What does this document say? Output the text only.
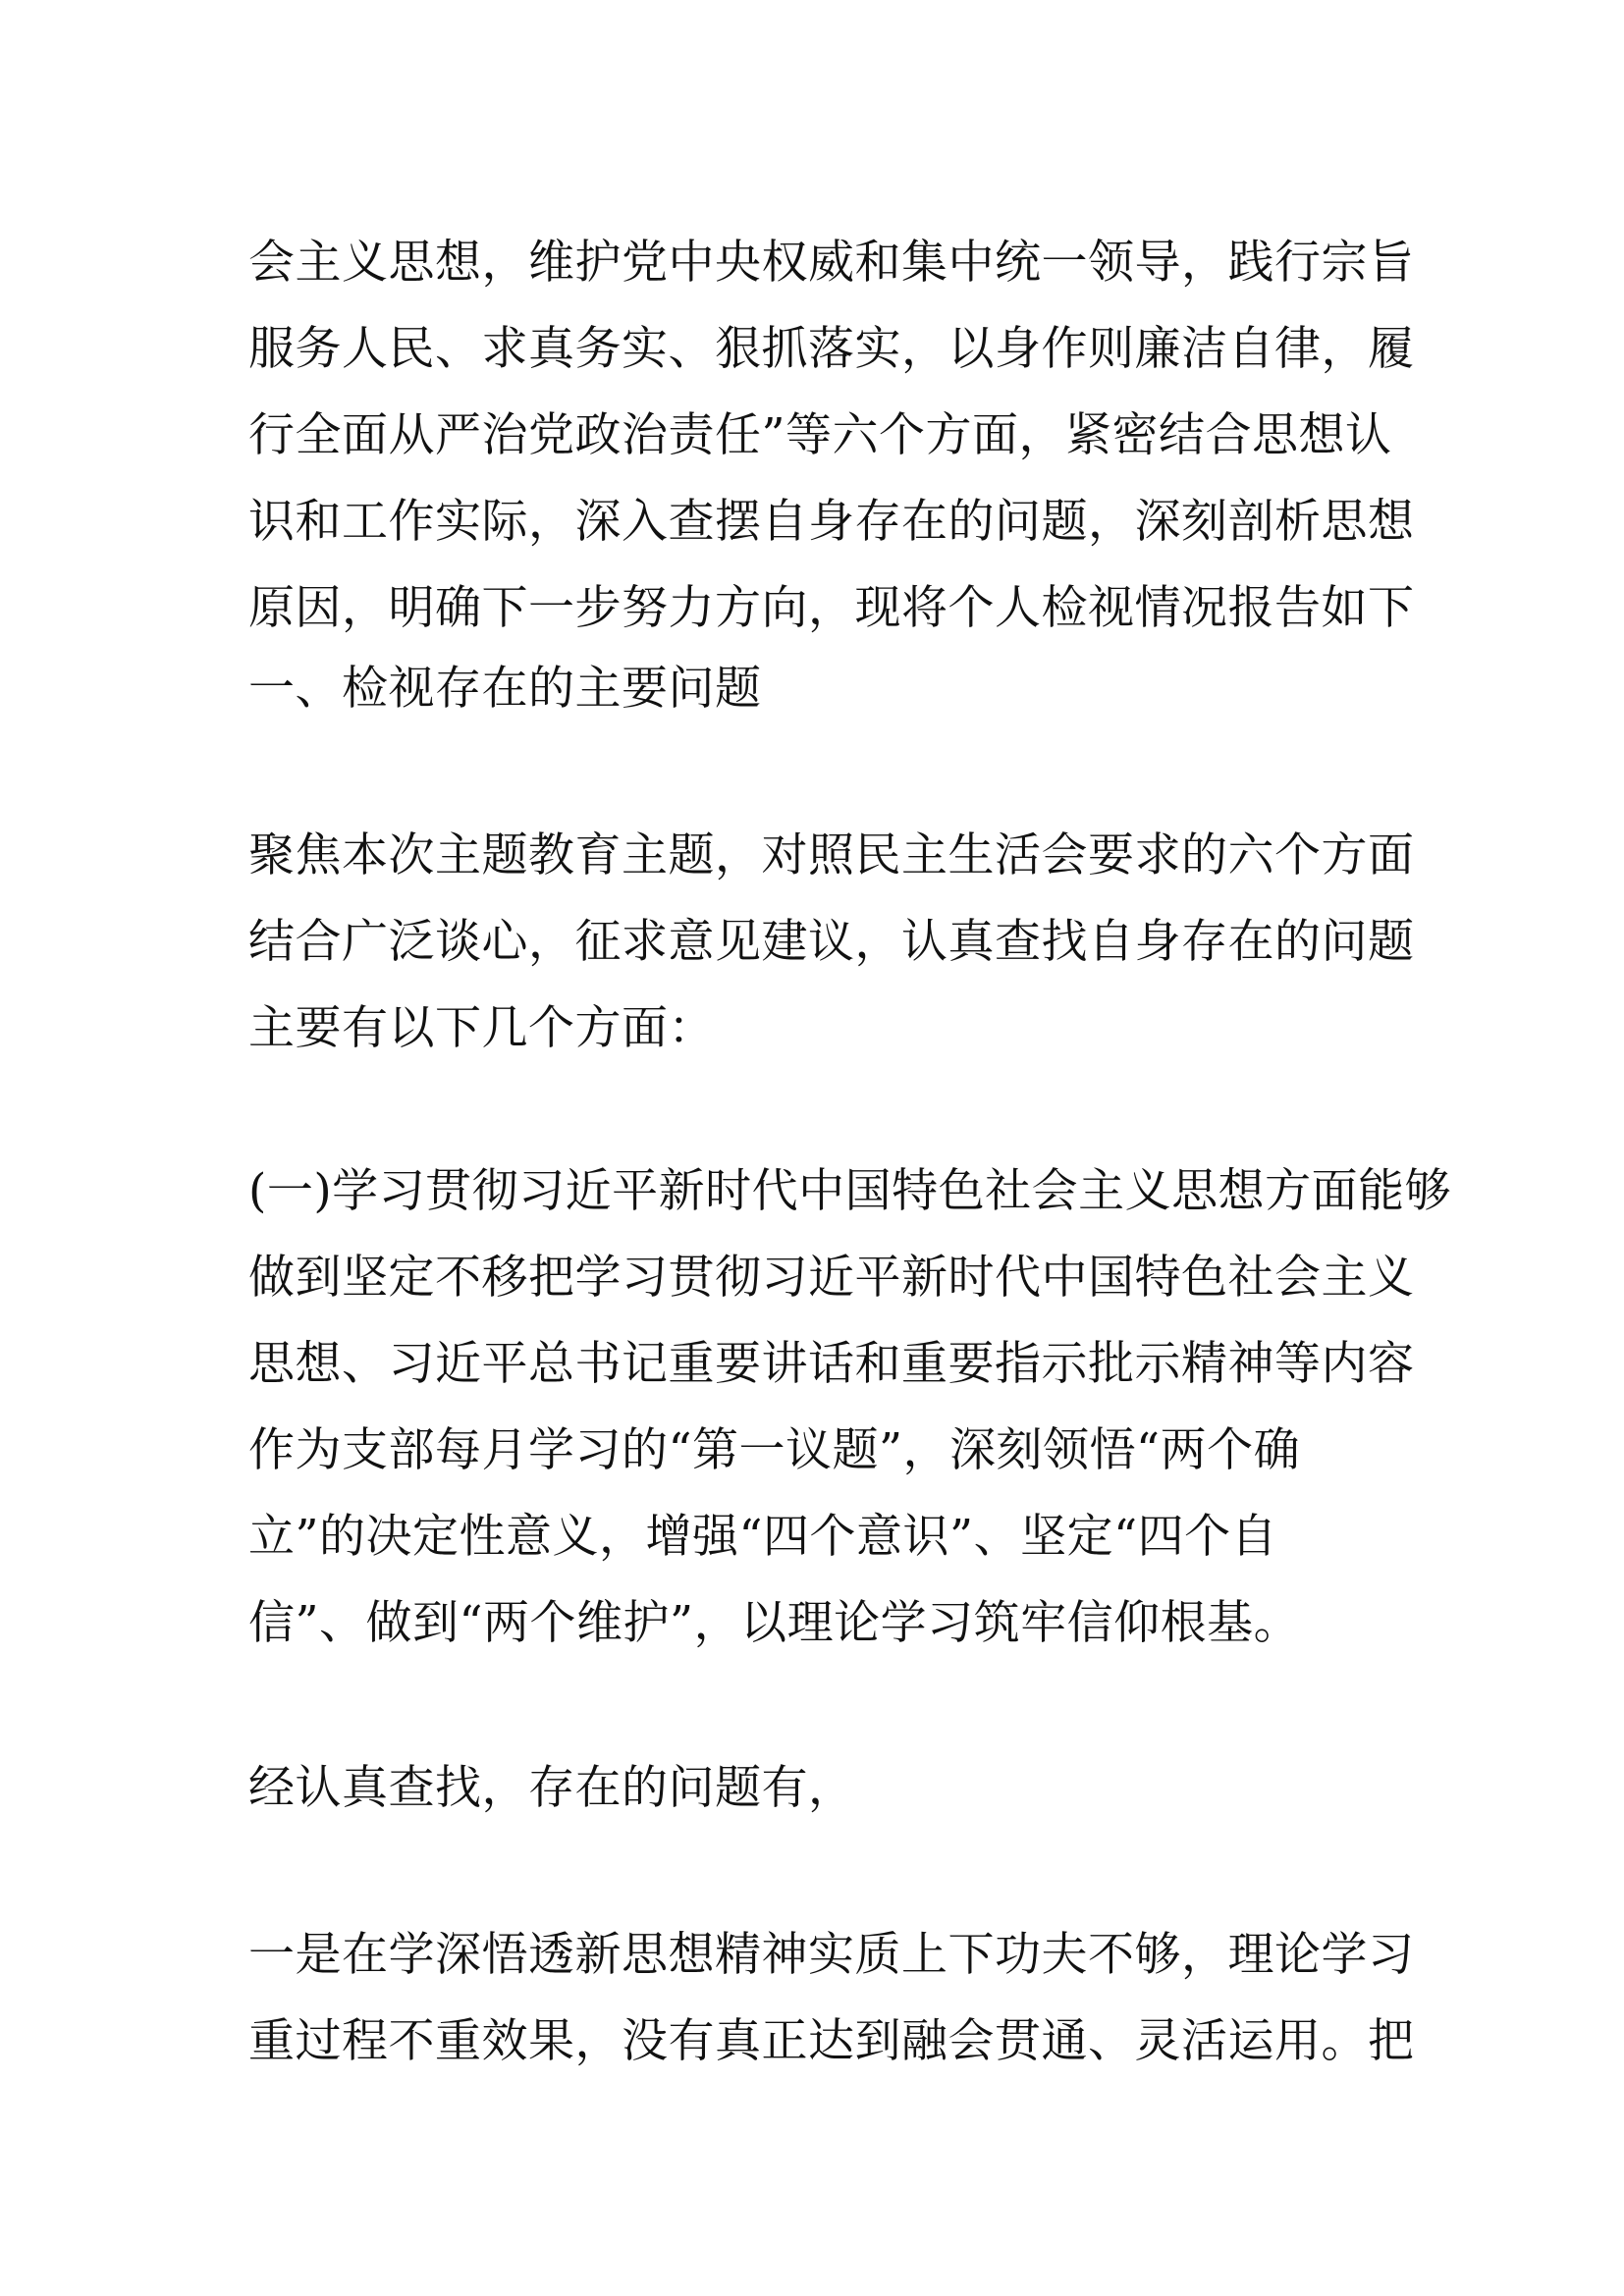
会主义思想，维护党中央权威和集中统一领导，践行宗旨
服务人民、求真务实、狠抓落实，以身作则廉洁自律，履
行全面从严治党政治责任”等六个方面，紧密结合思想认
识和工作实际，深入查摆自身存在的问题，深刻剖析思想
原因，明确下一步努力方向，现将个人检视情况报告如下
一、检视存在的主要问题
聚焦本次主题教育主题，对照民主生活会要求的六个方面
结合广泛谈心，征求意见建议，认真查找自身存在的问题
主要有以下几个方面：
(一)学习贯彻习近平新时代中国特色社会主义思想方面能够
做到坚定不移把学习贯彻习近平新时代中国特色社会主义
思想、习近平总书记重要讲话和重要指示批示精神等内容
作为支部每月学习的“第一议题”，深刻领悟“两个确
立”的决定性意义，增强“四个意识”、坚定“四个自
信”、做到“两个维护”，以理论学习筑牢信仰根基。
经认真查找，存在的问题有，
一是在学深悟透新思想精神实质上下功夫不够，理论学习
重过程不重效果，没有真正达到融会贯通、灵活运用。把
